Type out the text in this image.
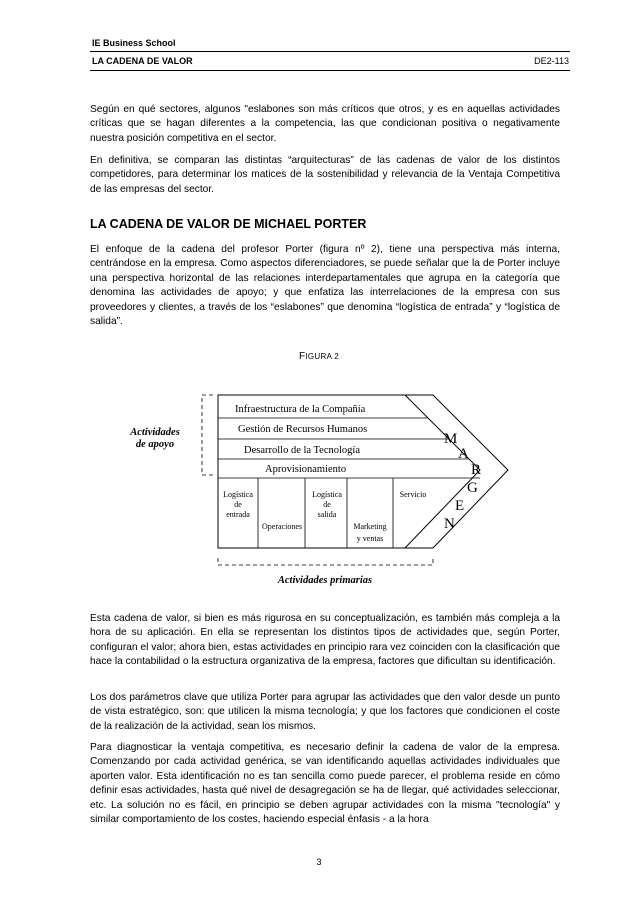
IE Business School
LA CADENA DE VALOR	DE2-113

Según en qué sectores, algunos "eslabones son más críticos que otros, y es en aquellas actividades críticas que se hagan diferentes a la competencia, las que condicionan positiva o negativamente nuestra posición competitiva en el sector.

En definitiva, se comparan las distintas “arquitecturas” de las cadenas de valor de los distintos competidores, para determinar los matices de la sostenibilidad y relevancia de la Ventaja Competitiva de las empresas del sector.

LA CADENA DE VALOR DE MICHAEL PORTER

El enfoque de la cadena del profesor Porter (figura nº 2), tiene una perspectiva más interna, centrándose en la empresa. Como aspectos diferenciadores, se puede señalar que la de Porter incluye una perspectiva horizontal de las relaciones interdepartamentales que agrupa en la categoría que denomina las actividades de apoyo; y que enfatiza las interrelaciones de la empresa con sus proveedores y clientes, a través de los “eslabones” que denomina “logística de entrada” y “logística de salida”.

FIGURA 2
Actividades
de apoyo
Infraestructura de la Compañía
Gestión de Recursos Humanos
Desarrollo de la Tecnología
Aprovisionamiento
Logística
de
entrada
Operaciones
Logística
de
salida
Marketing
y ventas
Servicio
M
A
R
G
E
N
Actividades primarias

Esta cadena de valor, si bien es más rigurosa en su conceptualización, es también más compleja a la hora de su aplicación. En ella se representan los distintos tipos de actividades que, según Porter, configuran el valor; ahora bien, estas actividades en principio rara vez coinciden con la clasificación que hace la contabilidad o la estructura organizativa de la empresa, factores que dificultan su identificación.

Los dos parámetros clave que utiliza Porter para agrupar las actividades que den valor desde un punto de vista estratégico, son: que utilicen la misma tecnología; y que los factores que condicionen el coste de la realización de la actividad, sean los mismos.

Para diagnosticar la ventaja competitiva, es necesario definir la cadena de valor de la empresa. Comenzando por cada actividad genérica, se van identificando aquellas actividades individuales que aporten valor. Esta identificación no es tan sencilla como puede parecer, el problema reside en cómo definir esas actividades, hasta qué nivel de desagregación se ha de llegar, qué actividades seleccionar, etc. La solución no es fácil, en principio se deben agrupar actividades con la misma "tecnología" y similar comportamiento de los costes, haciendo especial énfasis - a la hora

3
